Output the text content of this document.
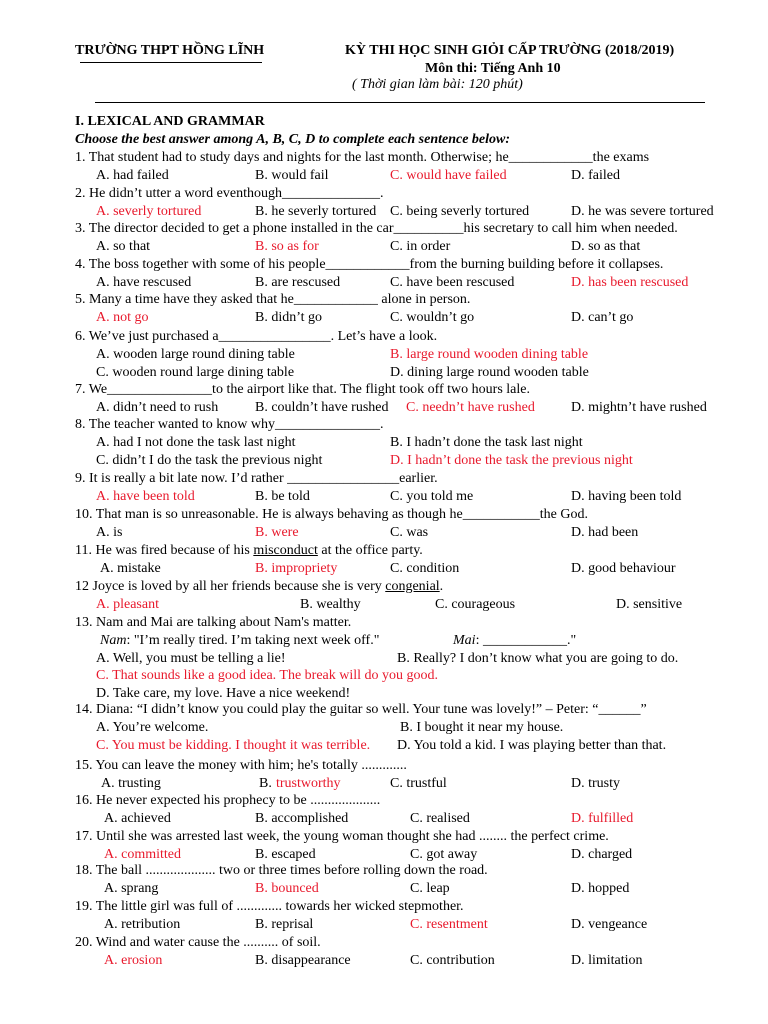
TRƯỜNG THPT HỒNG LĨNH	KỲ THI HỌC SINH GIỎI CẤP TRƯỜNG (2018/2019)
Môn thi: Tiếng Anh 10
( Thời gian làm bài: 120 phút)
I. LEXICAL AND GRAMMAR
Choose the best answer among A, B, C, D to complete each sentence below:
1. That student had to study days and nights for the last month. Otherwise; he____________the exams
A. had failed	B. would fail	C. would have failed	D. failed
2. He didn’t utter a word eventhough______________.
A. severly tortured	B. he severly tortured C. being severly tortured	D. he was severe tortured
3. The director decided to get a phone installed in the car__________his secretary to call him when needed.
A. so that	B. so as for	C. in order	D. so as that
4. The boss together with some of his people____________from the burning building before it collapses.
A. have rescused	B. are rescused	C. have been rescused	D. has been rescused
5. Many a time have they asked that he____________ alone in person.
A. not go	B. didn’t go	C. wouldn’t go	D. can’t go
6. We’ve just purchased a________________. Let’s have a look.
A. wooden large round dining table	B. large round wooden dining table
C. wooden round large dining table	D. dining large round wooden table
7. We_______________to the airport like that. The flight took off two hours lale.
A. didn’t need to rush	B. couldn’t have rushed C. needn’t have rushed	D. mightn’t have rushed
8. The teacher wanted to know why_______________.
A. had I not done the task last night	B. I hadn’t done the task last night
C. didn’t I do the task the previous night	D. I hadn’t done the task the previous night
9. It is really a bit late now. I’d rather ________________earlier.
A. have been told	B. be told	C. you told me	D. having been told
10. That man is so unreasonable. He is always behaving as though he___________the God.
A. is	B. were	C. was	D. had been
11. He was fired because of his misconduct at the office party.
A. mistake	B. impropriety	C. condition	D. good behaviour
12 Joyce is loved by all her friends because she is very congenial.
A. pleasant	B. wealthy	C. courageous	D. sensitive
13. Nam and Mai are talking about Nam's matter.
Nam: "I’m really tired. I’m taking next week off."	Mai: ____________."
A. Well, you must be telling a lie!	B. Really? I don’t know what you are going to do.
C. That sounds like a good idea. The break will do you good.
D. Take care, my love. Have a nice weekend!
14. Diana: “I didn’t know you could play the guitar so well. Your tune was lovely!” – Peter: “______”
A. You’re welcome.	B. I bought it near my house.
C. You must be kidding. I thought it was terrible. D. You told a kid. I was playing better than that.
15. You can leave the money with him; he's totally .............
A. trusting	B. trustworthy	C. trustful	D. trusty
16. He never expected his prophecy to be ....................
A. achieved	B. accomplished	C. realised	D. fulfilled
17. Until she was arrested last week, the young woman thought she had ........ the perfect crime.
A. committed	B. escaped	C. got away	D. charged
18. The ball .................... two or three times before rolling down the road.
A. sprang	B. bounced	C. leap	D. hopped
19. The little girl was full of ............. towards her wicked stepmother.
A. retribution	B. reprisal	C. resentment	D. vengeance
20. Wind and water cause the .......... of soil.
A. erosion	B. disappearance	C. contribution	D. limitation
